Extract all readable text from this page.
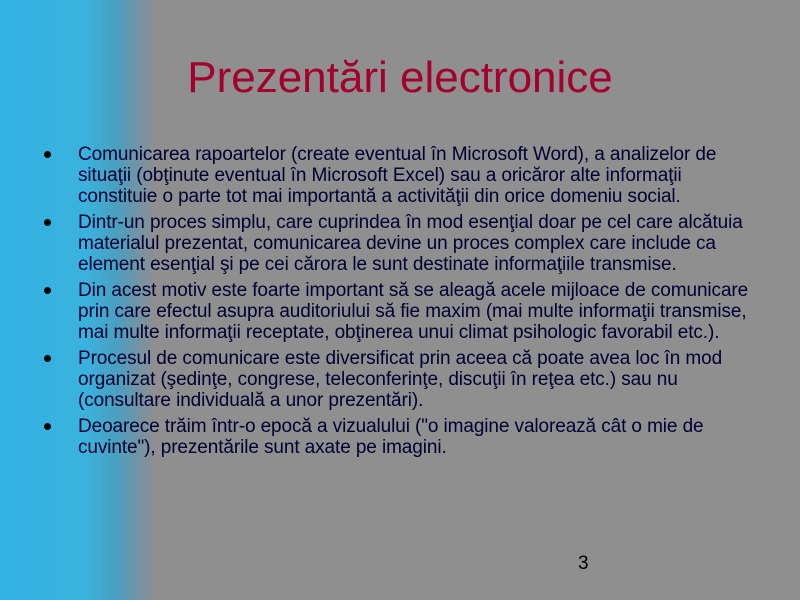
Prezentări electronice
Comunicarea rapoartelor (create eventual în Microsoft Word), a analizelor de situaţii (obţinute eventual în Microsoft Excel) sau a oricăror alte informaţii constituie o parte tot mai importantă a activităţii din orice domeniu social.
Dintr-un proces simplu, care cuprindea în mod esenţial doar pe cel care alcătuia materialul prezentat, comunicarea devine un proces complex care include ca element esenţial şi pe cei cărora le sunt destinate informaţiile transmise.
Din acest motiv este foarte important să se aleagă acele mijloace de comunicare prin care efectul asupra auditoriului să fie maxim (mai multe informaţii transmise, mai multe informaţii receptate, obţinerea unui climat psihologic favorabil etc.).
Procesul de comunicare este diversificat prin aceea că poate avea loc în mod organizat (şedinţe, congrese, teleconferinţe, discuţii în reţea etc.) sau nu (consultare individuală a unor prezentări).
Deoarece trăim într-o epocă a vizualului ("o imagine valorează cât o mie de cuvinte"), prezentările sunt axate pe imagini.

3
